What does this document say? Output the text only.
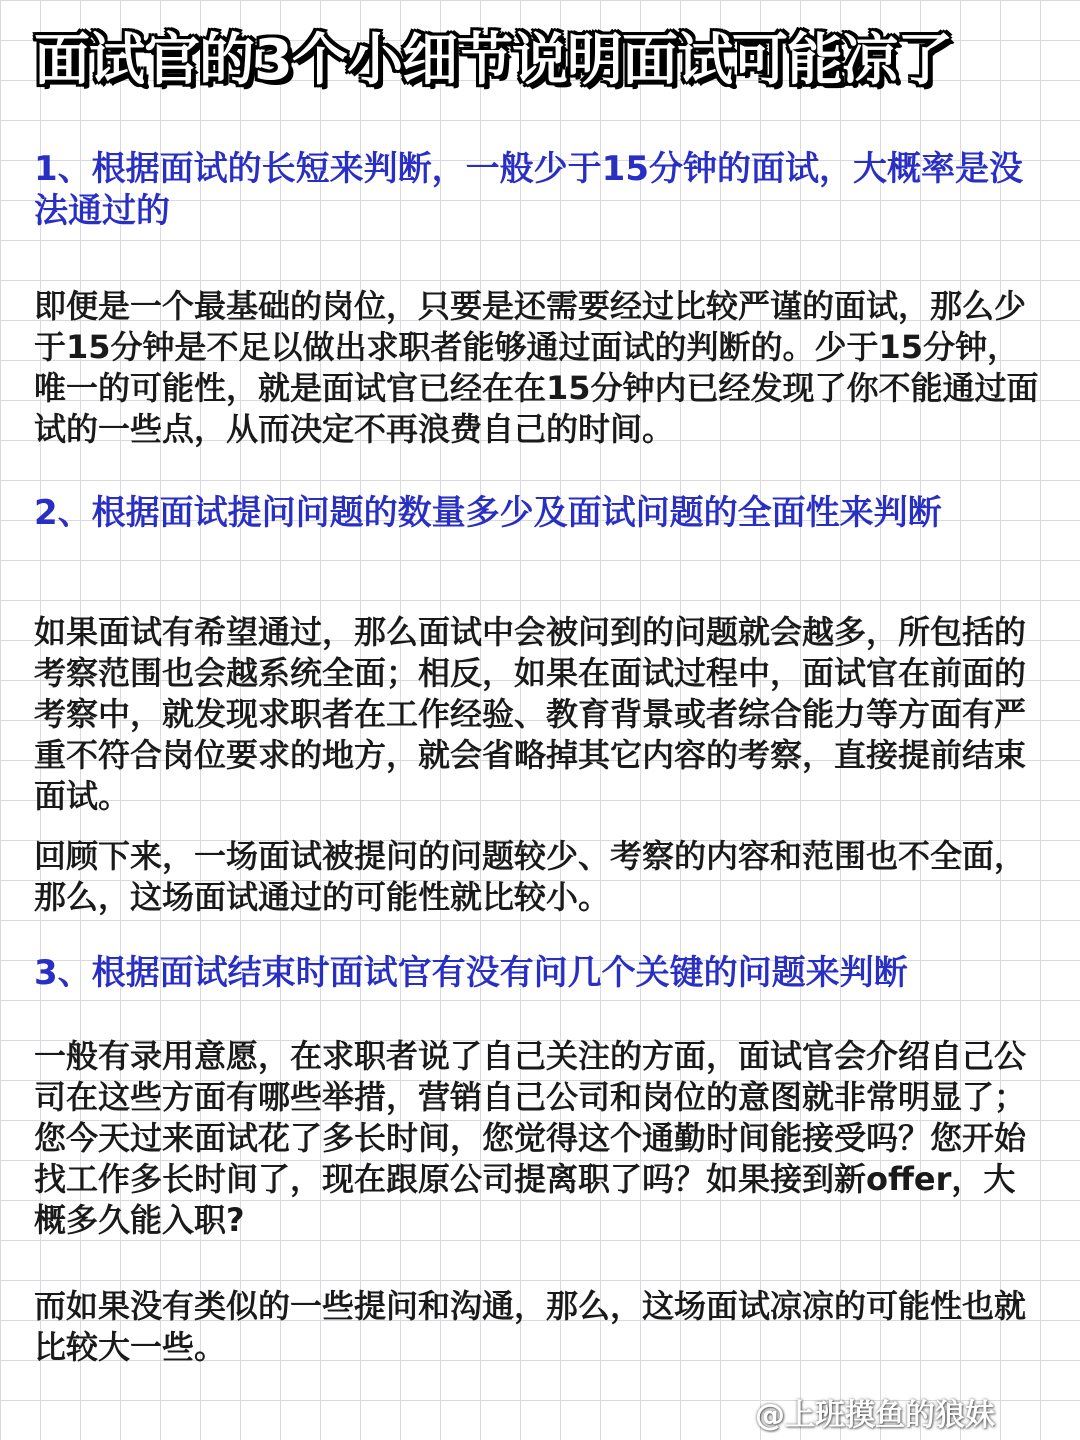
面试官的3个小细节说明面试可能凉了

1、根据面试的长短来判断，一般少于15分钟的面试，大概率是没法通过的

即便是一个最基础的岗位，只要是还需要经过比较严谨的面试，那么少于15分钟是不足以做出求职者能够通过面试的判断的。少于15分钟，唯一的可能性，就是面试官已经在在15分钟内已经发现了你不能通过面试的一些点，从而决定不再浪费自己的时间。

2、根据面试提问问题的数量多少及面试问题的全面性来判断

如果面试有希望通过，那么面试中会被问到的问题就会越多，所包括的考察范围也会越系统全面；相反，如果在面试过程中，面试官在前面的考察中，就发现求职者在工作经验、教育背景或者综合能力等方面有严重不符合岗位要求的地方，就会省略掉其它内容的考察，直接提前结束面试。

回顾下来，一场面试被提问的问题较少、考察的内容和范围也不全面，那么，这场面试通过的可能性就比较小。

3、根据面试结束时面试官有没有问几个关键的问题来判断

一般有录用意愿，在求职者说了自己关注的方面，面试官会介绍自己公司在这些方面有哪些举措，营销自己公司和岗位的意图就非常明显了；您今天过来面试花了多长时间，您觉得这个通勤时间能接受吗？您开始找工作多长时间了，现在跟原公司提离职了吗？如果接到新offer，大概多久能入职?

而如果没有类似的一些提问和沟通，那么，这场面试凉凉的可能性也就比较大一些。

@上班摸鱼的狼妹
